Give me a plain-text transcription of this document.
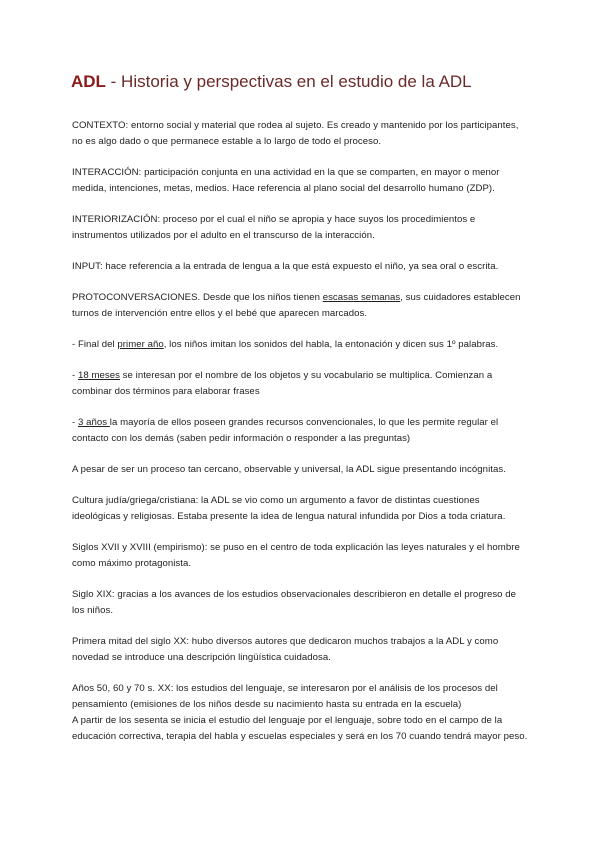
ADL - Historia y perspectivas en el estudio de la ADL

CONTEXTO: entorno social y material que rodea al sujeto. Es creado y mantenido por los participantes, no es algo dado o que permanece estable a lo largo de todo el proceso.

INTERACCIÓN: participación conjunta en una actividad en la que se comparten, en mayor o menor medida, intenciones, metas, medios. Hace referencia al plano social del desarrollo humano (ZDP).

INTERIORIZACIÓN: proceso por el cual el niño se apropia y hace suyos los procedimientos e instrumentos utilizados por el adulto en el transcurso de la interacción.

INPUT: hace referencia a la entrada de lengua a la que está expuesto el niño, ya sea oral o escrita.

PROTOCONVERSACIONES. Desde que los niños tienen escasas semanas, sus cuidadores establecen turnos de intervención entre ellos y el bebé que aparecen marcados.

- Final del primer año, los niños imitan los sonidos del habla, la entonación y dicen sus 1º palabras.

- 18 meses se interesan por el nombre de los objetos y su vocabulario se multiplica. Comienzan a combinar dos términos para elaborar frases

- 3 años la mayoría de ellos poseen grandes recursos convencionales, lo que les permite regular el contacto con los demás (saben pedir información o responder a las preguntas)

A pesar de ser un proceso tan cercano, observable y universal, la ADL sigue presentando incógnitas.

Cultura judía/griega/cristiana: la ADL se vio como un argumento a favor de distintas cuestiones ideológicas y religiosas. Estaba presente la idea de lengua natural infundida por Dios a toda criatura.

Siglos XVII y XVIII (empirismo): se puso en el centro de toda explicación las leyes naturales y el hombre como máximo protagonista.

Siglo XIX: gracias a los avances de los estudios observacionales describieron en detalle el progreso de los niños.

Primera mitad del siglo XX: hubo diversos autores que dedicaron muchos trabajos a la ADL y como novedad se introduce una descripción lingüística cuidadosa.

Años 50, 60 y 70 s. XX: los estudios del lenguaje, se interesaron por el análisis de los procesos del pensamiento (emisiones de los niños desde su nacimiento hasta su entrada en la escuela)

A partir de los sesenta se inicia el estudio del lenguaje por el lenguaje, sobre todo en el campo de la educación correctiva, terapia del habla y escuelas especiales y será en los 70 cuando tendrá mayor peso.
